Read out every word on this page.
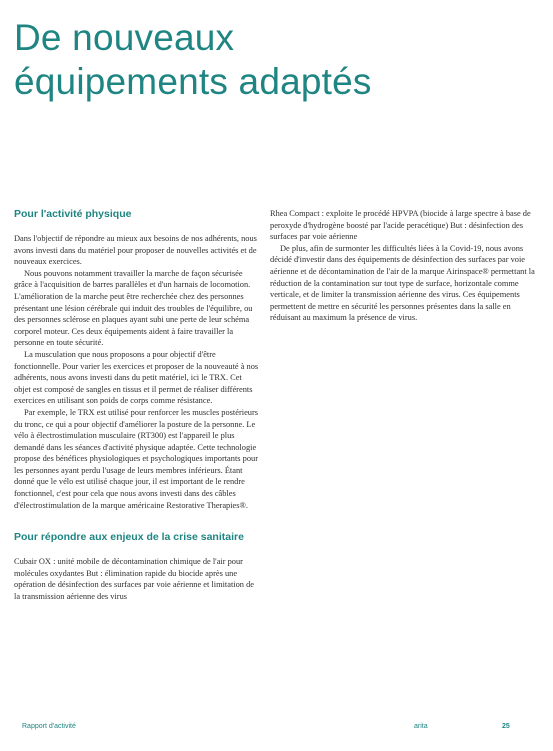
De nouveaux
équipements adaptés
Pour l'activité physique

Dans l'objectif de répondre au mieux aux besoins de nos adhérents, nous avons investi dans du matériel pour proposer de nouvelles activités et de nouveaux exercices.

Nous pouvons notamment travailler la marche de façon sécurisée grâce à l'acquisition de barres parallèles et d'un harnais de locomotion. L'amélioration de la marche peut être recherchée chez des personnes présentant une lésion cérébrale qui induit des troubles de l'équilibre, ou des personnes sclérose en plaques ayant subi une perte de leur schéma corporel moteur. Ces deux équipements aident à faire travailler la personne en toute sécurité.

La musculation que nous proposons a pour objectif d'être fonctionnelle. Pour varier les exercices et proposer de la nouveauté à nos adhérents, nous avons investi dans du petit matériel, ici le TRX. Cet objet est composé de sangles en tissus et il permet de réaliser différents exercices en utilisant son poids de corps comme résistance.

Par exemple, le TRX est utilisé pour renforcer les muscles postérieurs du tronc, ce qui a pour objectif d'améliorer la posture de la personne. Le vélo à électrostimulation musculaire (RT300) est l'appareil le plus demandé dans les séances d'activité physique adaptée. Cette technologie propose des bénéfices physiologiques et psychologiques importants pour les personnes ayant perdu l'usage de leurs membres inférieurs. Étant donné que le vélo est utilisé chaque jour, il est important de le rendre fonctionnel, c'est pour cela que nous avons investi dans des câbles d'électrostimulation de la marque américaine Restorative Therapies®.

Pour répondre aux enjeux de la crise sanitaire

Cubair OX : unité mobile de décontamination chimique de l'air pour molécules oxydantes But : élimination rapide du biocide après une opération de désinfection des surfaces par voie aérienne et limitation de la transmission aérienne des virus

Rhea Compact : exploite le procédé HPVPA (biocide à large spectre à base de peroxyde d'hydrogène boosté par l'acide peracétique) But : désinfection des surfaces par voie aérienne

De plus, afin de surmonter les difficultés liées à la Covid-19, nous avons décidé d'investir dans des équipements de désinfection des surfaces par voie aérienne et de décontamination de l'air de la marque Airinspace® permettant la réduction de la contamination sur tout type de surface, horizontale comme verticale, et de limiter la transmission aérienne des virus. Ces équipements permettent de mettre en sécurité les personnes présentes dans la salle en réduisant au maximum la présence de virus.

Rapport d'activité	arita	25
